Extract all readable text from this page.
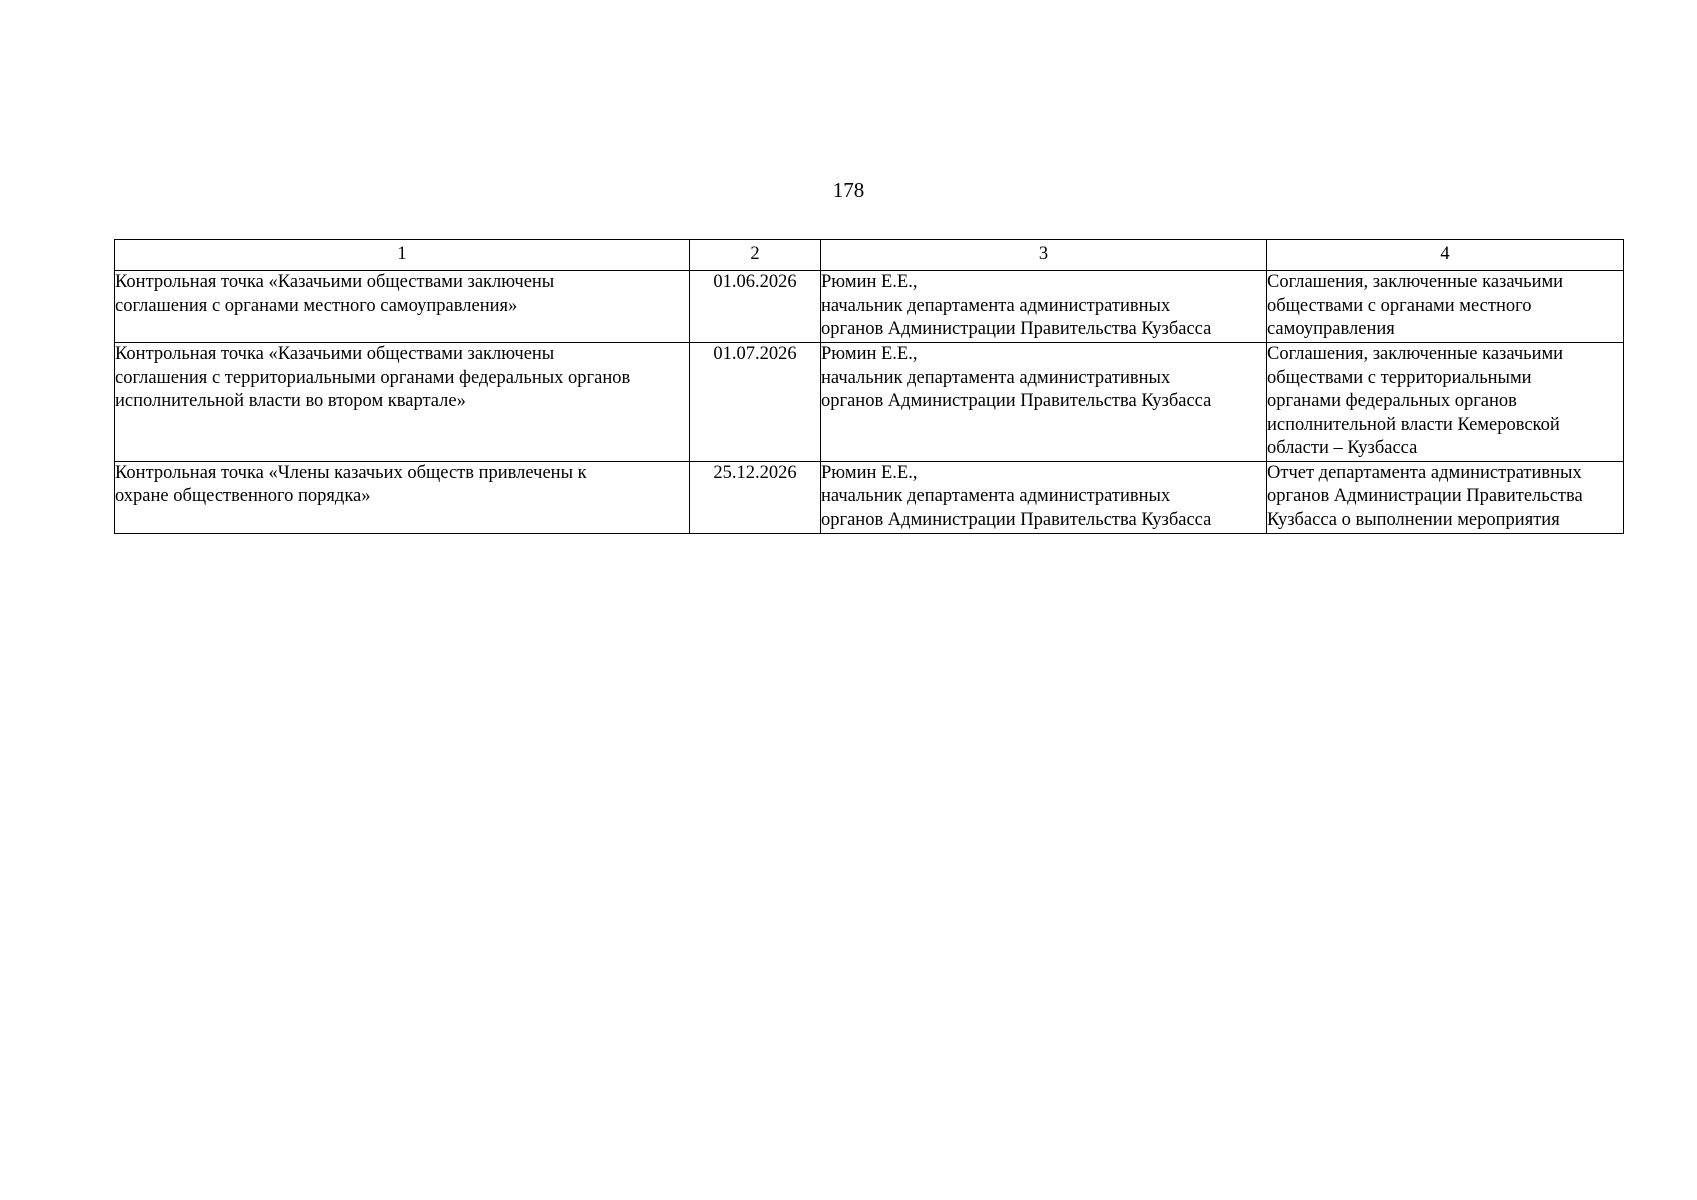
178
1	2	3	4

Контрольная точка «Казачьими обществами заключены
соглашения с органами местного самоуправления»	01.06.2026	Рюмин Е.Е.,
начальник департамента административных
органов Администрации Правительства Кузбасса	Соглашения, заключенные казачьими
обществами с органами местного
самоуправления

Контрольная точка «Казачьими обществами заключены
соглашения с территориальными органами федеральных органов
исполнительной власти во втором квартале»	01.07.2026	Рюмин Е.Е.,
начальник департамента административных
органов Администрации Правительства Кузбасса	Соглашения, заключенные казачьими
обществами с территориальными
органами федеральных органов
исполнительной власти Кемеровской
области – Кузбасса

Контрольная точка «Члены казачьих обществ привлечены к
охране общественного порядка»	25.12.2026	Рюмин Е.Е.,
начальник департамента административных
органов Администрации Правительства Кузбасса	Отчет департамента административных
органов Администрации Правительства
Кузбасса о выполнении мероприятия
